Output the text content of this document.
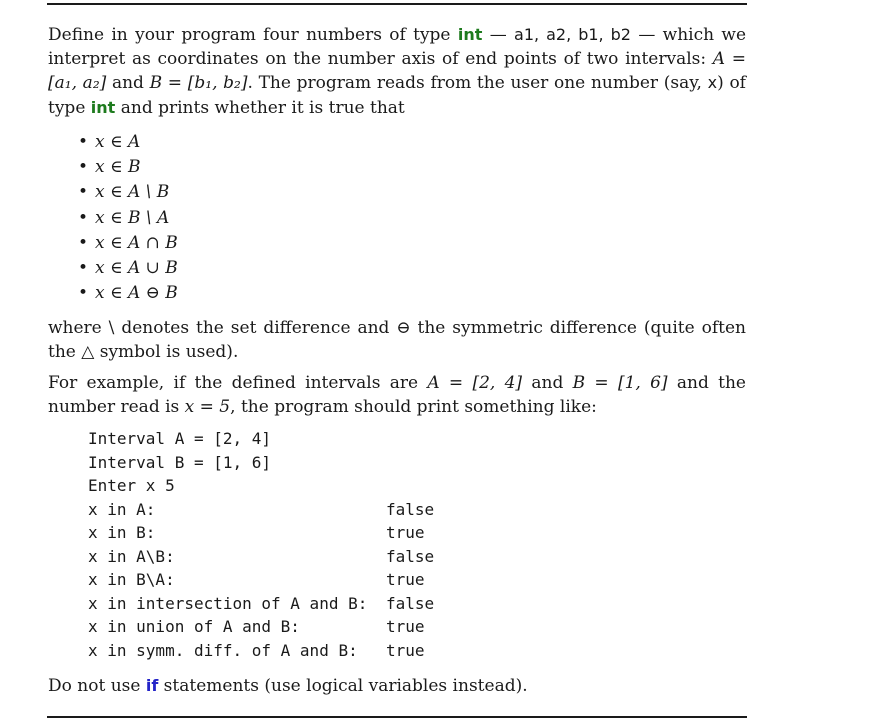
Define in your program four numbers of type int — a1, a2, b1, b2 — which we interpret as coordinates on the number axis of end points of two intervals: A = [a₁, a₂] and B = [b₁, b₂]. The program reads from the user one number (say, x) of type int and prints whether it is true that

• x ∈ A
• x ∈ B
• x ∈ A \ B
• x ∈ B \ A
• x ∈ A ∩ B
• x ∈ A ∪ B
• x ∈ A ⊖ B

where \ denotes the set difference and ⊖ the symmetric difference (quite often the △ symbol is used).

For example, if the defined intervals are A = [2, 4] and B = [1, 6] and the number read is x = 5, the program should print something like:

Interval A = [2, 4]
Interval B = [1, 6]
Enter x 5
x in A:	false
x in B:	true
x in A\B:	false
x in B\A:	true
x in intersection of A and B: false
x in union of A and B:	true
x in symm. diff. of A and B: true

Do not use if statements (use logical variables instead).
